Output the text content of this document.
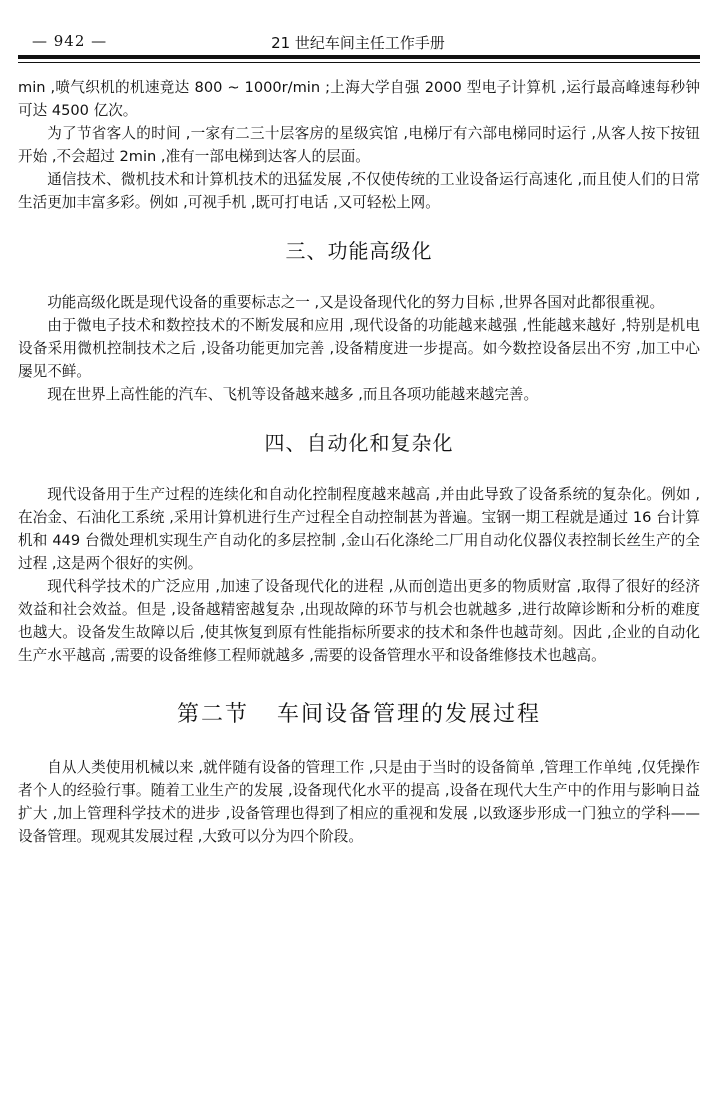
— 942 —	21 世纪车间主任工作手册

min ,喷气织机的机速竟达 800 ~ 1000r/min ;上海大学自强 2000 型电子计算机 ,运行最高峰速每秒钟可达 4500 亿次。

为了节省客人的时间 ,一家有二三十层客房的星级宾馆 ,电梯厅有六部电梯同时运行 ,从客人按下按钮开始 ,不会超过 2min ,准有一部电梯到达客人的层面。

通信技术、微机技术和计算机技术的迅猛发展 ,不仅使传统的工业设备运行高速化 ,而且使人们的日常生活更加丰富多彩。例如 ,可视手机 ,既可打电话 ,又可轻松上网。

三、功能高级化

功能高级化既是现代设备的重要标志之一 ,又是设备现代化的努力目标 ,世界各国对此都很重视。

由于微电子技术和数控技术的不断发展和应用 ,现代设备的功能越来越强 ,性能越来越好 ,特别是机电设备采用微机控制技术之后 ,设备功能更加完善 ,设备精度进一步提高。如今数控设备层出不穷 ,加工中心屡见不鲜。

现在世界上高性能的汽车、飞机等设备越来越多 ,而且各项功能越来越完善。

四、自动化和复杂化

现代设备用于生产过程的连续化和自动化控制程度越来越高 ,并由此导致了设备系统的复杂化。例如 ,在冶金、石油化工系统 ,采用计算机进行生产过程全自动控制甚为普遍。宝钢一期工程就是通过 16 台计算机和 449 台微处理机实现生产自动化的多层控制 ,金山石化涤纶二厂用自动化仪器仪表控制长丝生产的全过程 ,这是两个很好的实例。

现代科学技术的广泛应用 ,加速了设备现代化的进程 ,从而创造出更多的物质财富 ,取得了很好的经济效益和社会效益。但是 ,设备越精密越复杂 ,出现故障的环节与机会也就越多 ,进行故障诊断和分析的难度也越大。设备发生故障以后 ,使其恢复到原有性能指标所要求的技术和条件也越苛刻。因此 ,企业的自动化生产水平越高 ,需要的设备维修工程师就越多 ,需要的设备管理水平和设备维修技术也越高。

第二节 车间设备管理的发展过程

自从人类使用机械以来 ,就伴随有设备的管理工作 ,只是由于当时的设备简单 ,管理工作单纯 ,仅凭操作者个人的经验行事。随着工业生产的发展 ,设备现代化水平的提高 ,设备在现代大生产中的作用与影响日益扩大 ,加上管理科学技术的进步 ,设备管理也得到了相应的重视和发展 ,以致逐步形成一门独立的学科——设备管理。现观其发展过程 ,大致可以分为四个阶段。
